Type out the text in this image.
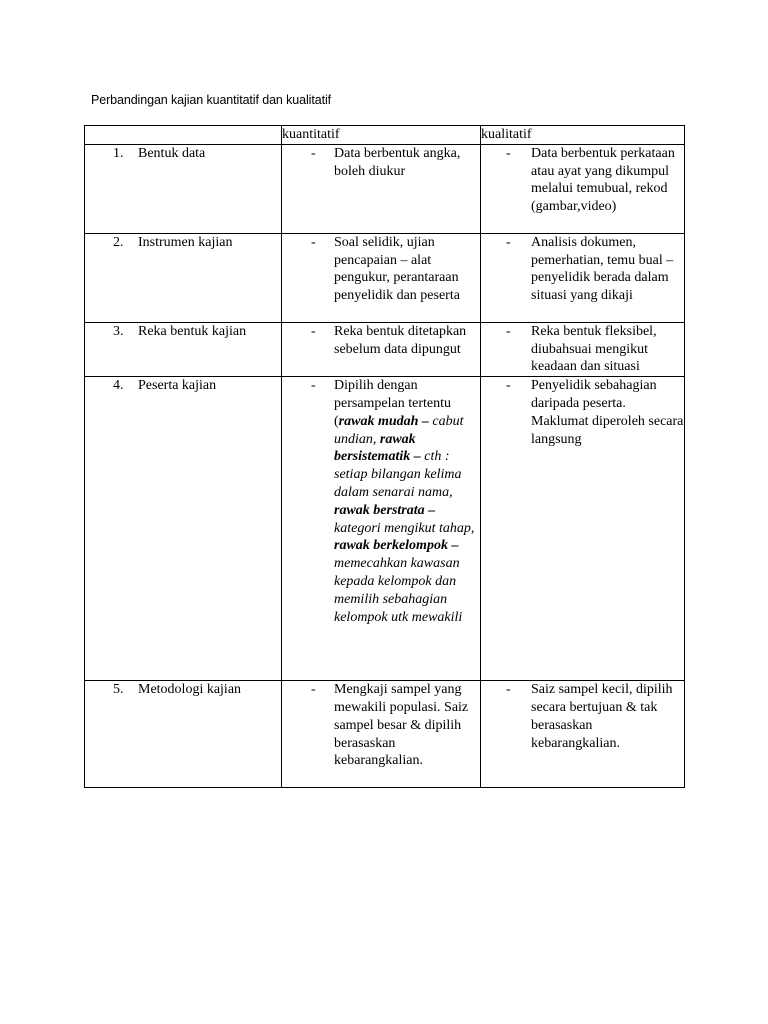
Perbandingan kajian kuantitatif dan kualitatif
	kuantitatif	kualitatif

1. Bentuk data	- Data berbentuk angka, boleh diukur	- Data berbentuk perkataan atau ayat yang dikumpul melalui temubual, rekod (gambar,video)

2. Instrumen kajian	- Soal selidik, ujian pencapaian – alat pengukur, perantaraan penyelidik dan peserta	- Analisis dokumen, pemerhatian, temu bual – penyelidik berada dalam situasi yang dikaji

3. Reka bentuk kajian	- Reka bentuk ditetapkan sebelum data dipungut	- Reka bentuk fleksibel, diubahsuai mengikut keadaan dan situasi

4. Peserta kajian	- Dipilih dengan persampelan tertentu (rawak mudah – cabut undian, rawak bersistematik – cth : setiap bilangan kelima dalam senarai nama, rawak berstrata – kategori mengikut tahap, rawak berkelompok – memecahkan kawasan kepada kelompok dan memilih sebahagian kelompok utk mewakili	- Penyelidik sebahagian daripada peserta. Maklumat diperoleh secara langsung

5. Metodologi kajian	- Mengkaji sampel yang mewakili populasi. Saiz sampel besar & dipilih berasaskan kebarangkalian.	- Saiz sampel kecil, dipilih secara bertujuan & tak berasaskan kebarangkalian.
